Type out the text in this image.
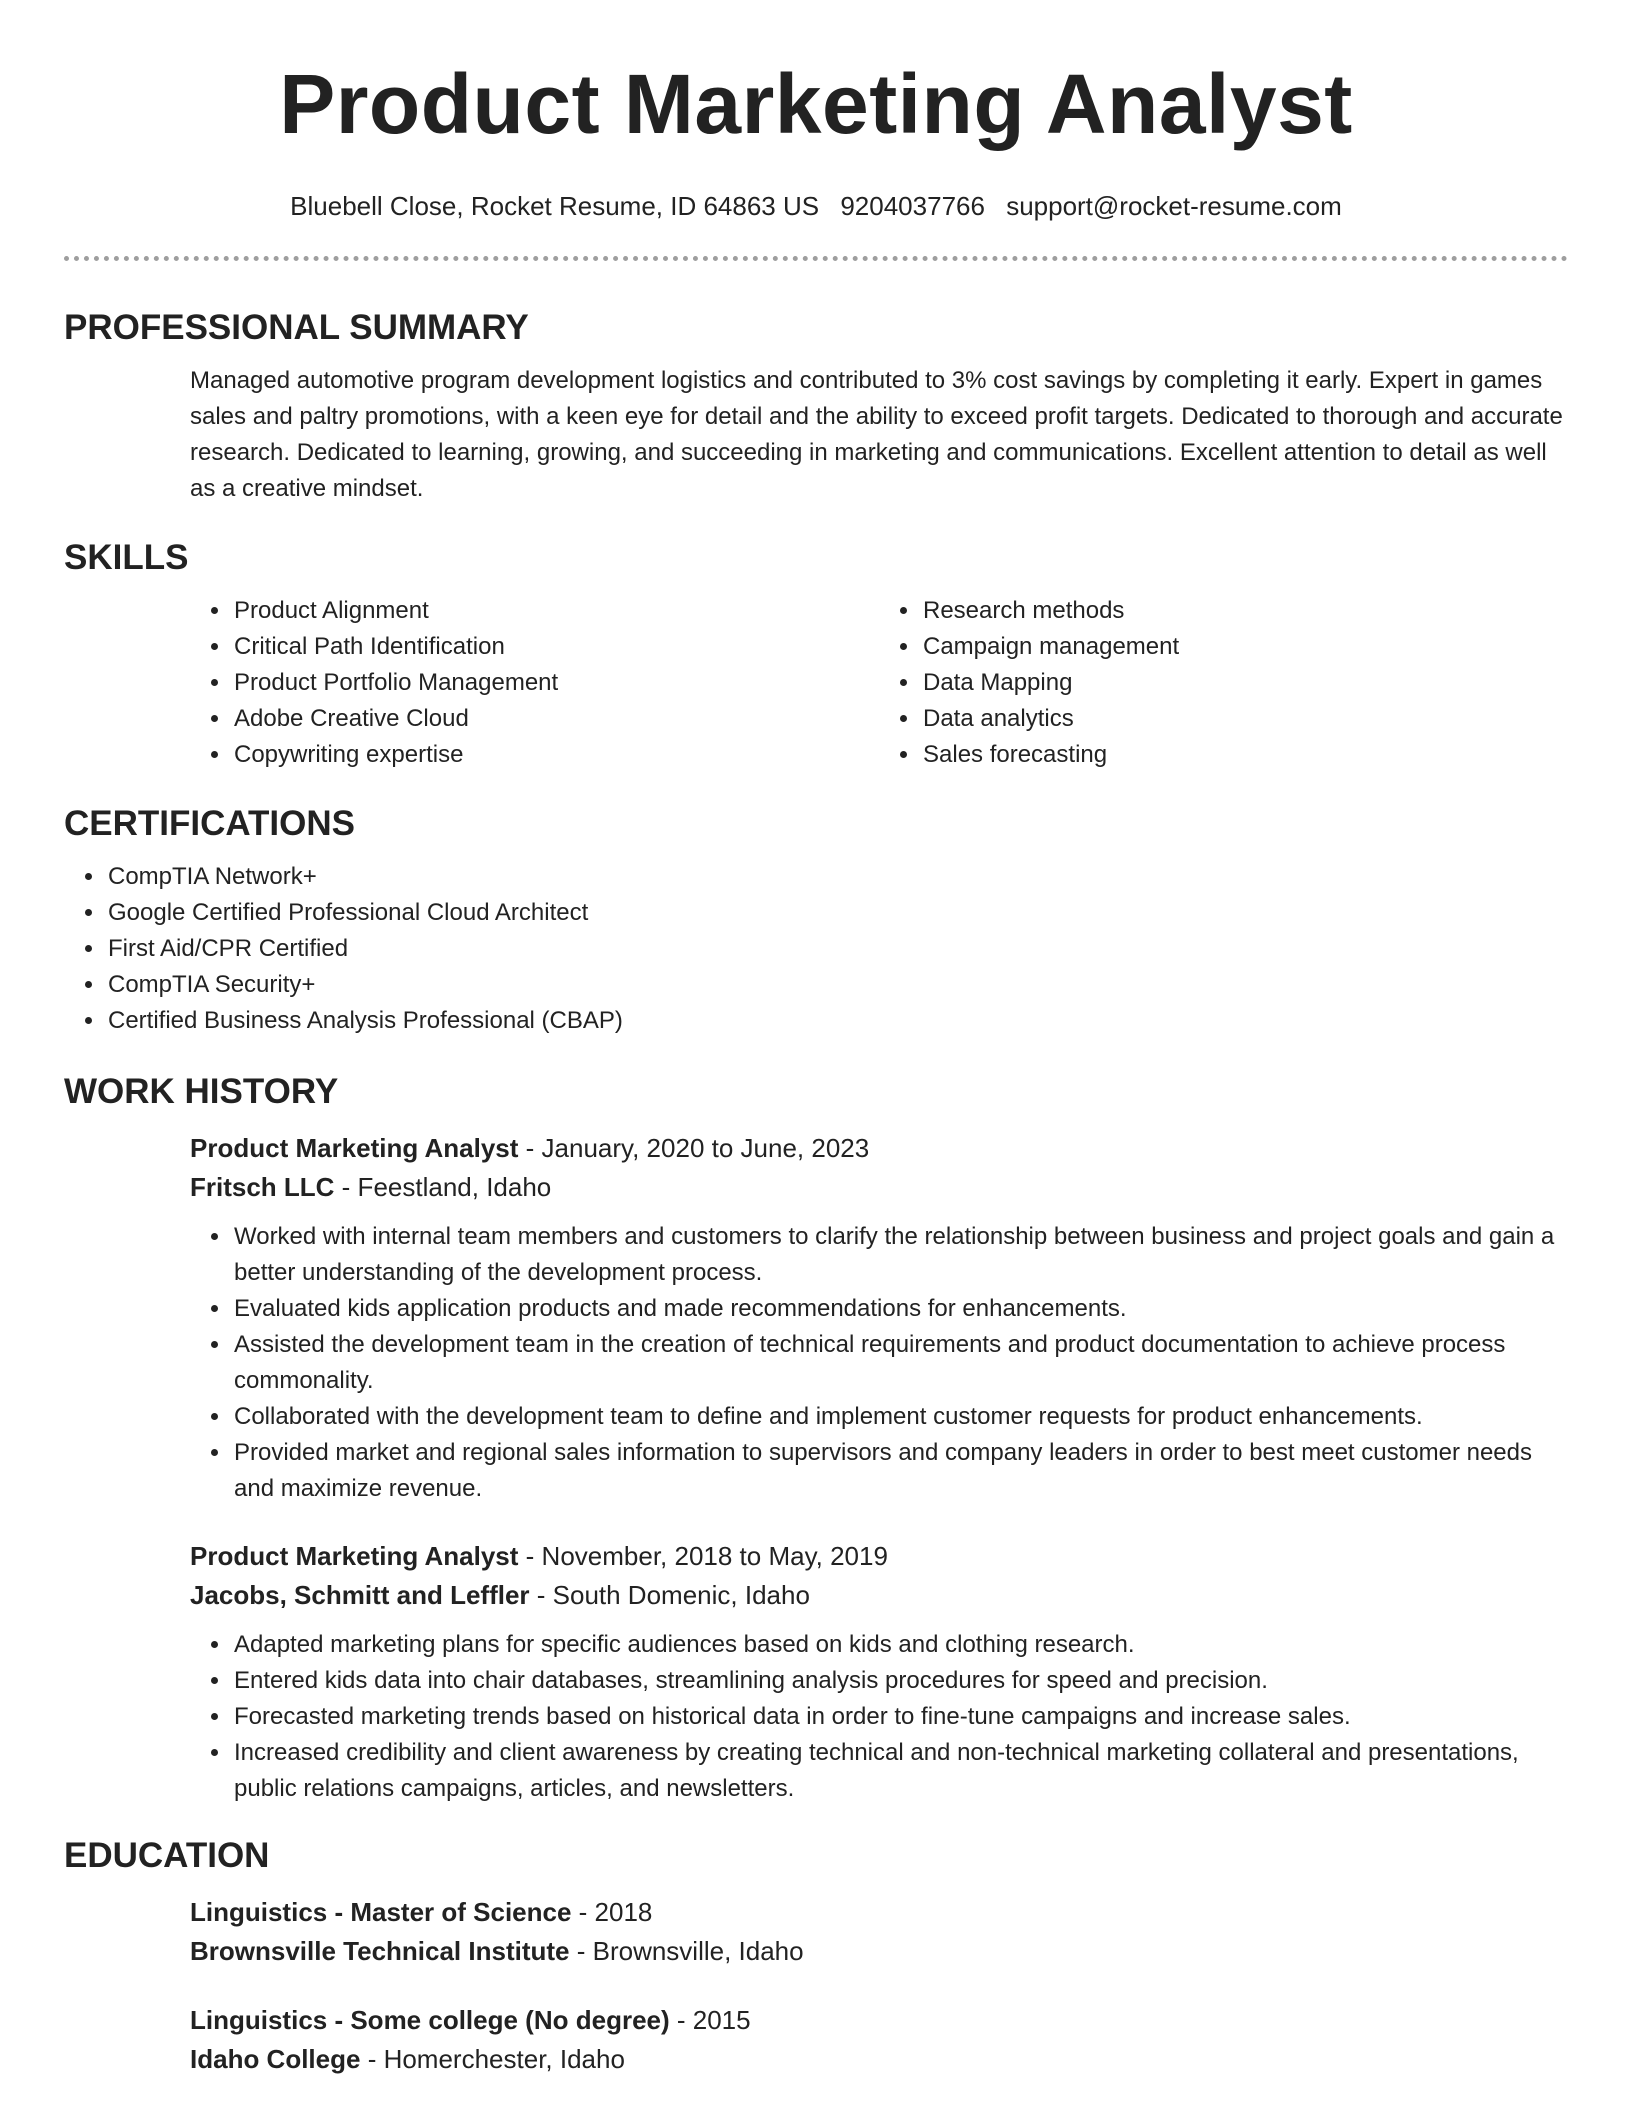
Product Marketing Analyst
Bluebell Close, Rocket Resume, ID 64863 US 9204037766 support@rocket-resume.com
PROFESSIONAL SUMMARY
Managed automotive program development logistics and contributed to 3% cost savings by completing it early. Expert in games sales and paltry promotions, with a keen eye for detail and the ability to exceed profit targets. Dedicated to thorough and accurate research. Dedicated to learning, growing, and succeeding in marketing and communications. Excellent attention to detail as well as a creative mindset.
SKILLS
• Product Alignment
• Critical Path Identification
• Product Portfolio Management
• Adobe Creative Cloud
• Copywriting expertise
• Research methods
• Campaign management
• Data Mapping
• Data analytics
• Sales forecasting
CERTIFICATIONS
• CompTIA Network+
• Google Certified Professional Cloud Architect
• First Aid/CPR Certified
• CompTIA Security+
• Certified Business Analysis Professional (CBAP)
WORK HISTORY
Product Marketing Analyst - January, 2020 to June, 2023
Fritsch LLC - Feestland, Idaho
• Worked with internal team members and customers to clarify the relationship between business and project goals and gain a better understanding of the development process.
• Evaluated kids application products and made recommendations for enhancements.
• Assisted the development team in the creation of technical requirements and product documentation to achieve process commonality.
• Collaborated with the development team to define and implement customer requests for product enhancements.
• Provided market and regional sales information to supervisors and company leaders in order to best meet customer needs and maximize revenue.
Product Marketing Analyst - November, 2018 to May, 2019
Jacobs, Schmitt and Leffler - South Domenic, Idaho
• Adapted marketing plans for specific audiences based on kids and clothing research.
• Entered kids data into chair databases, streamlining analysis procedures for speed and precision.
• Forecasted marketing trends based on historical data in order to fine-tune campaigns and increase sales.
• Increased credibility and client awareness by creating technical and non-technical marketing collateral and presentations, public relations campaigns, articles, and newsletters.
EDUCATION
Linguistics - Master of Science - 2018
Brownsville Technical Institute - Brownsville, Idaho
Linguistics - Some college (No degree) - 2015
Idaho College - Homerchester, Idaho
